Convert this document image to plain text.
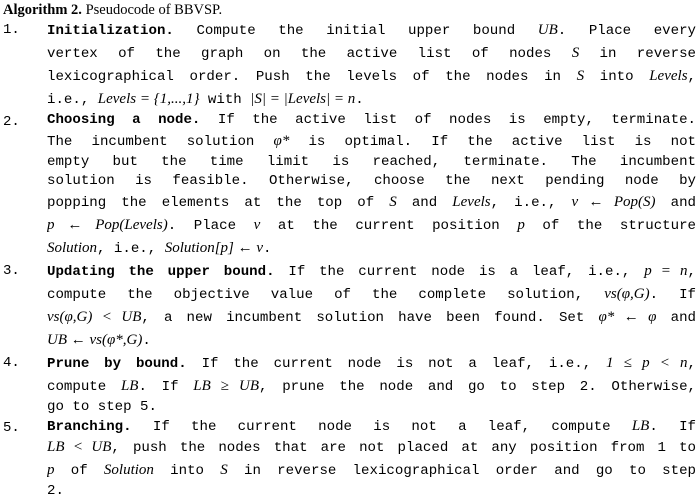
Algorithm 2. Pseudocode of BBVSP.
1. Initialization. Compute the initial upper bound UB. Place every
vertex of the graph on the active list of nodes S in reverse
lexicographical order. Push the levels of the nodes in S into Levels,
i.e., Levels = {1,...,1} with |S| = |Levels| = n.
2. Choosing a node. If the active list of nodes is empty, terminate.
The incumbent solution φ* is optimal. If the active list is not
empty but the time limit is reached, terminate. The incumbent
solution is feasible. Otherwise, choose the next pending node by
popping the elements at the top of S and Levels, i.e., v ← Pop(S) and
p ← Pop(Levels). Place v at the current position p of the structure
Solution, i.e., Solution[p] ← v.
3. Updating the upper bound. If the current node is a leaf, i.e., p = n,
compute the objective value of the complete solution, vs(φ,G). If
vs(φ,G) < UB, a new incumbent solution have been found. Set φ* ← φ and
UB ← vs(φ*,G).
4. Prune by bound. If the current node is not a leaf, i.e., 1 ≤ p < n,
compute LB. If LB ≥ UB, prune the node and go to step 2. Otherwise,
go to step 5.
5. Branching. If the current node is not a leaf, compute LB. If
LB < UB, push the nodes that are not placed at any position from 1 to
p of Solution into S in reverse lexicographical order and go to step
2.
